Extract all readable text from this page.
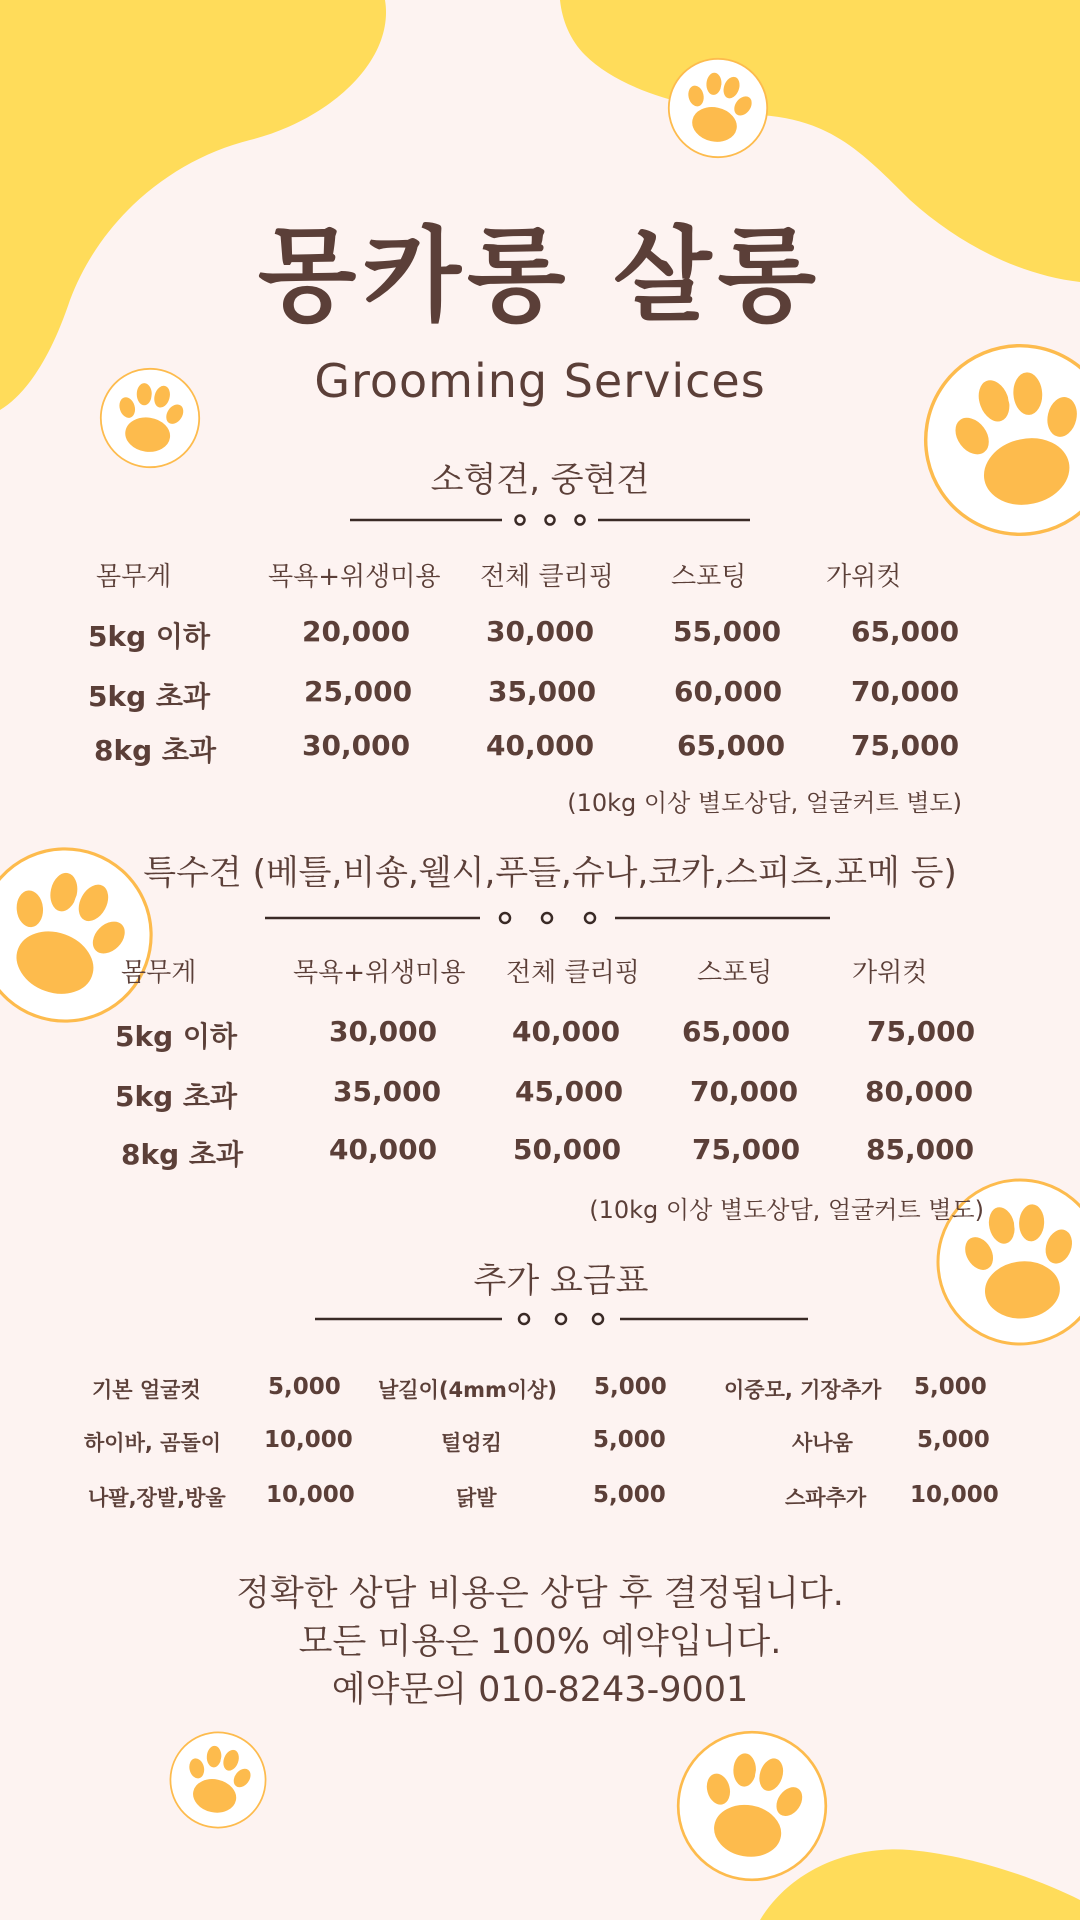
몽카롱 살롱
Grooming Services
소형견, 중현견
몸무게	목욕+위생미용 전체 클리핑 스포팅	가위컷
5kg 이하	20,000	30,000	55,000 65,000
5kg 초과	25,000	35,000	60,000 70,000
8kg 초과	30,000	40,000	65,000 75,000
(10kg 이상 별도상담, 얼굴커트 별도)
특수견 (베틀,비숑,웰시,푸들,슈나,코카,스피츠,포메 등)
몸무게	목욕+위생미용 전체 클리핑 스포팅	가위컷
5kg 이하	30,000	40,000 65,000	75,000
5kg 초과	35,000	45,000 70,000 80,000
8kg 초과	40,000	50,000	75,000 85,000
(10kg 이상 별도상담, 얼굴커트 별도)
추가 요금표
기본 얼굴컷	5,000 날길이(4mm이상) 5,000	이중모, 기장추가 5,000
하이바, 곰돌이 10,000	털엉킴	5,000	사나움	5,000
나팔,장발,방울 10,000	닭발	5,000	스파추가 10,000
정확한 상담 비용은 상담 후 결정됩니다.
모든 미용은 100% 예약입니다.
예약문의 010-8243-9001
